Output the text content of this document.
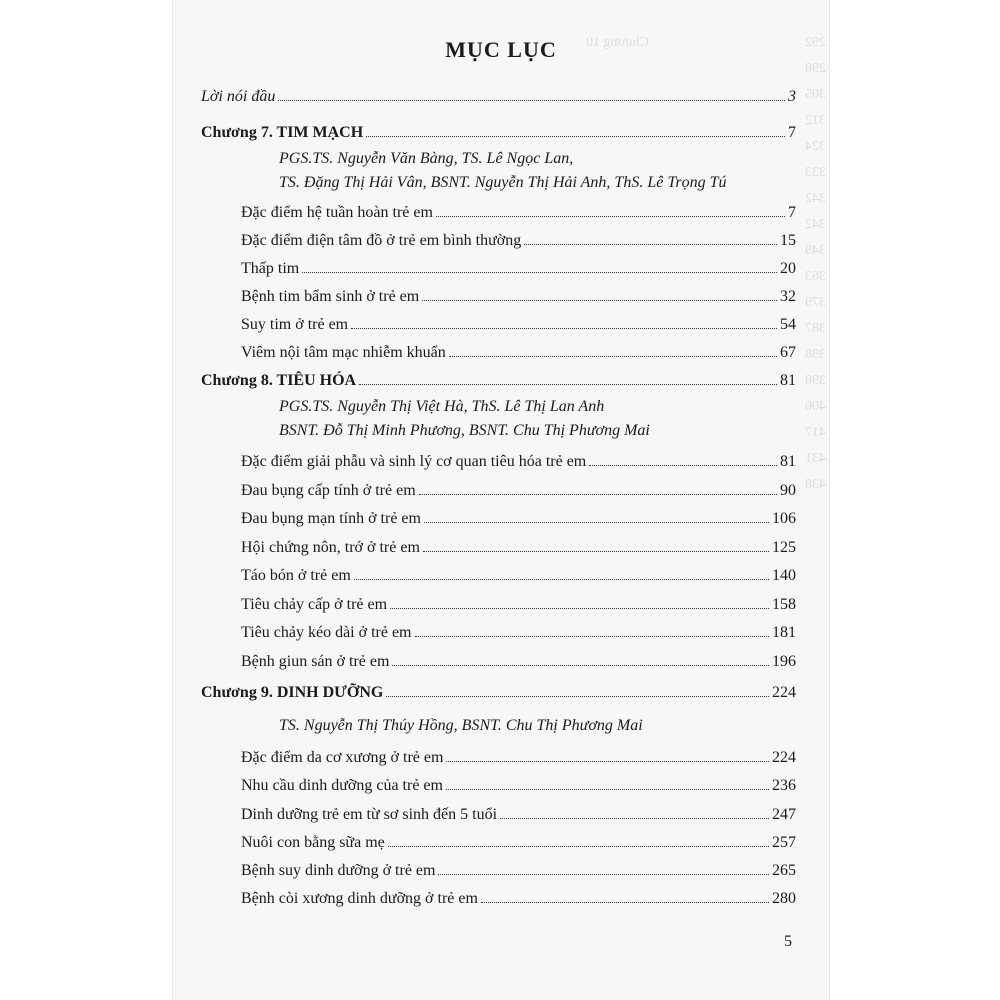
292
Chương 10
298
305
312
324
333
342
342
349
363
379
387
398
398
406
417
431
438
MỤC LỤC
Lời nói đầu	3
Chương 7. TIM MẠCH	7
PGS.TS. Nguyễn Văn Bàng, TS. Lê Ngọc Lan,
TS. Đặng Thị Hải Vân, BSNT. Nguyễn Thị Hải Anh, ThS. Lê Trọng Tú
Đặc điểm hệ tuần hoàn trẻ em	7
Đặc điểm điện tâm đồ ở trẻ em bình thường	15
Thấp tim	20
Bệnh tim bẩm sinh ở trẻ em	32
Suy tim ở trẻ em	54
Viêm nội tâm mạc nhiễm khuẩn	67
Chương 8. TIÊU HÓA	81
PGS.TS. Nguyễn Thị Việt Hà, ThS. Lê Thị Lan Anh
BSNT. Đỗ Thị Minh Phương, BSNT. Chu Thị Phương Mai
Đặc điểm giải phẫu và sinh lý cơ quan tiêu hóa trẻ em	81
Đau bụng cấp tính ở trẻ em	90
Đau bụng mạn tính ở trẻ em	106
Hội chứng nôn, trớ ở trẻ em	125
Táo bón ở trẻ em	140
Tiêu chảy cấp ở trẻ em	158
Tiêu chảy kéo dài ở trẻ em	181
Bệnh giun sán ở trẻ em	196
Chương 9. DINH DƯỠNG	224
TS. Nguyễn Thị Thúy Hồng, BSNT. Chu Thị Phương Mai
Đặc điểm da cơ xương ở trẻ em	224
Nhu cầu dinh dưỡng của trẻ em	236
Dinh dưỡng trẻ em từ sơ sinh đến 5 tuổi	247
Nuôi con bằng sữa mẹ	257
Bệnh suy dinh dưỡng ở trẻ em	265
Bệnh còi xương dinh dưỡng ở trẻ em	280
5
